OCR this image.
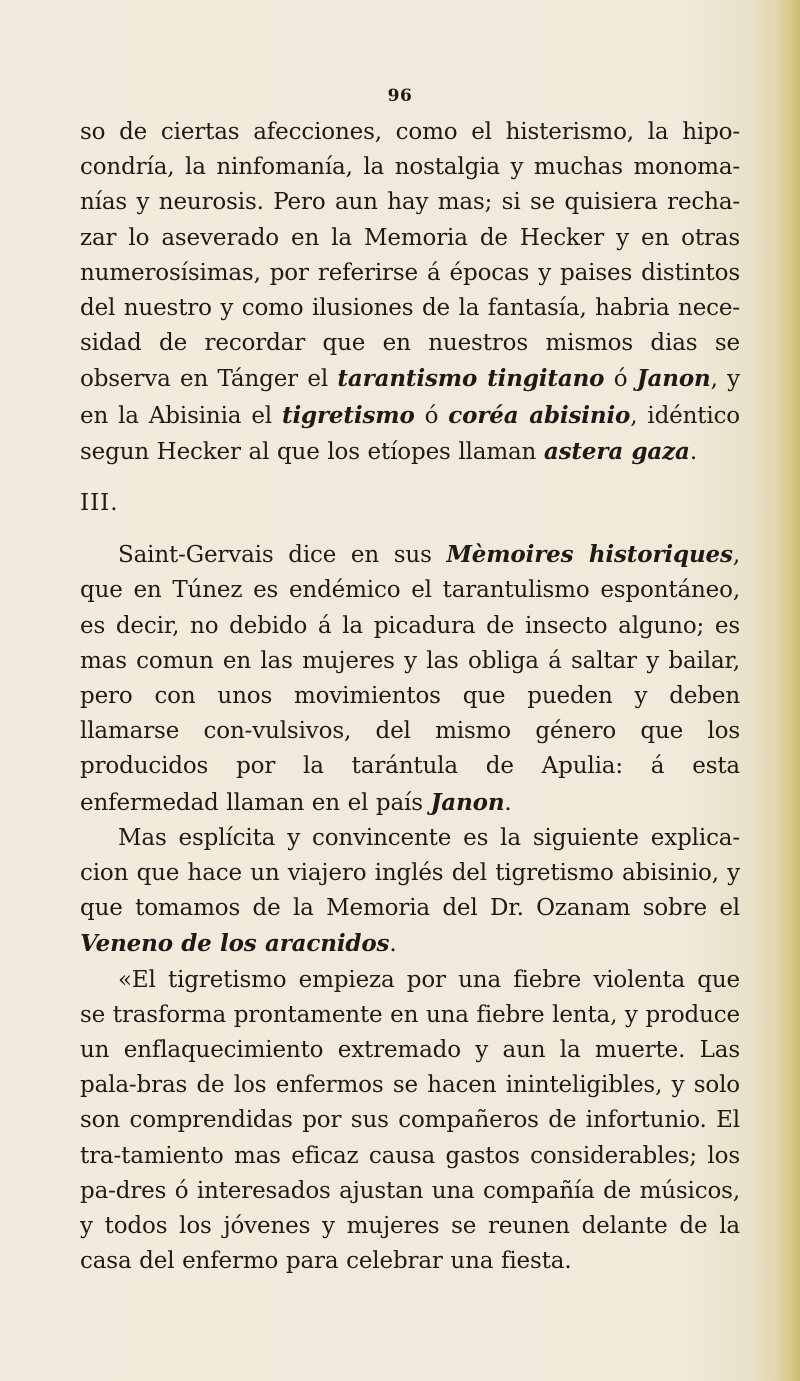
96

so de ciertas afecciones, como el histerismo, la hipo-condría, la ninfomanía, la nostalgia y muchas monoma-nías y neurosis. Pero aun hay mas; si se quisiera recha-zar lo aseverado en la Memoria de Hecker y en otras numerosísimas, por referirse á épocas y paises distintos del nuestro y como ilusiones de la fantasía, habria nece-sidad de recordar que en nuestros mismos dias se observa en Tánger el tarantismo tingitano ó Janon, y en la Abisinia el tigretismo ó coréa abisinio, idéntico segun Hecker al que los etíopes llaman astera gaza.

III.

Saint-Gervais dice en sus Mèmoires historiques, que en Túnez es endémico el tarantulismo espontáneo, es decir, no debido á la picadura de insecto alguno; es mas comun en las mujeres y las obliga á saltar y bailar, pero con unos movimientos que pueden y deben llamarse con-vulsivos, del mismo género que los producidos por la tarántula de Apulia: á esta enfermedad llaman en el país Janon.

Mas esplícita y convincente es la siguiente explica-cion que hace un viajero inglés del tigretismo abisinio, y que tomamos de la Memoria del Dr. Ozanam sobre el Veneno de los aracnidos.

«El tigretismo empieza por una fiebre violenta que se trasforma prontamente en una fiebre lenta, y produce un enflaquecimiento extremado y aun la muerte. Las pala-bras de los enfermos se hacen ininteligibles, y solo son comprendidas por sus compañeros de infortunio. El tra-tamiento mas eficaz causa gastos considerables; los pa-dres ó interesados ajustan una compañía de músicos, y todos los jóvenes y mujeres se reunen delante de la casa del enfermo para celebrar una fiesta.
